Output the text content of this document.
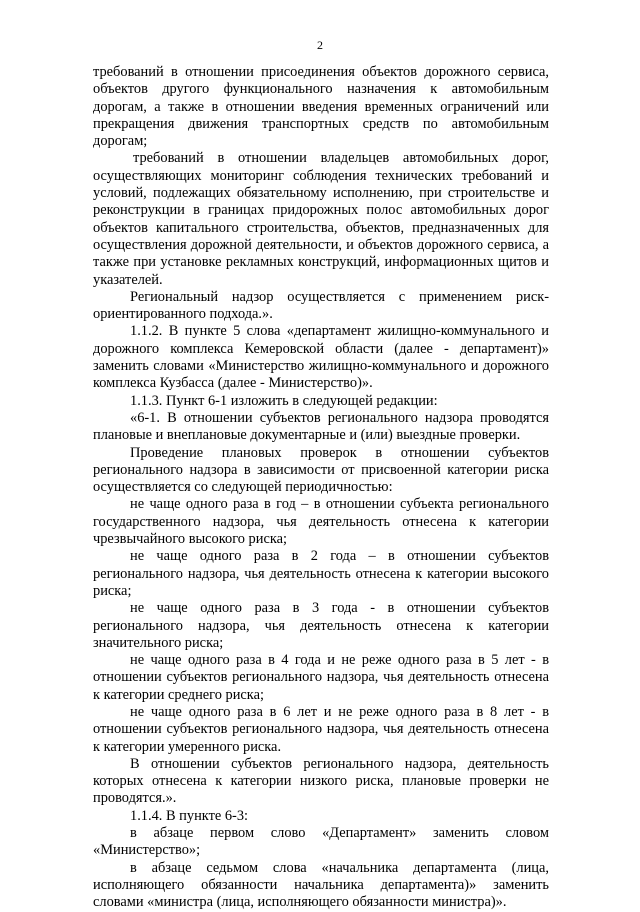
2

требований в отношении присоединения объектов дорожного сервиса, объектов другого функционального назначения к автомобильным дорогам, а также в отношении введения временных ограничений или прекращения движения транспортных средств по автомобильным дорогам;

требований в отношении владельцев автомобильных дорог, осуществляющих мониторинг соблюдения технических требований и условий, подлежащих обязательному исполнению, при строительстве и реконструкции в границах придорожных полос автомобильных дорог объектов капитального строительства, объектов, предназначенных для осуществления дорожной деятельности, и объектов дорожного сервиса, а также при установке рекламных конструкций, информационных щитов и указателей.

Региональный надзор осуществляется с применением риск-ориентированного подхода.».

1.1.2. В пункте 5 слова «департамент жилищно-коммунального и дорожного комплекса Кемеровской области (далее - департамент)» заменить словами «Министерство жилищно-коммунального и дорожного комплекса Кузбасса (далее - Министерство)».

1.1.3. Пункт 6-1 изложить в следующей редакции:

«6-1. В отношении субъектов регионального надзора проводятся плановые и внеплановые документарные и (или) выездные проверки.

Проведение плановых проверок в отношении субъектов регионального надзора в зависимости от присвоенной категории риска осуществляется со следующей периодичностью:

не чаще одного раза в год – в отношении субъекта регионального государственного надзора, чья деятельность отнесена к категории чрезвычайного высокого риска;

не чаще одного раза в 2 года – в отношении субъектов регионального надзора, чья деятельность отнесена к категории высокого риска;

не чаще одного раза в 3 года - в отношении субъектов регионального надзора, чья деятельность отнесена к категории значительного риска;

не чаще одного раза в 4 года и не реже одного раза в 5 лет - в отношении субъектов регионального надзора, чья деятельность отнесена к категории среднего риска;

не чаще одного раза в 6 лет и не реже одного раза в 8 лет - в отношении субъектов регионального надзора, чья деятельность отнесена к категории умеренного риска.

В отношении субъектов регионального надзора, деятельность которых отнесена к категории низкого риска, плановые проверки не проводятся.».

1.1.4. В пункте 6-3:

в абзаце первом слово «Департамент» заменить словом «Министерство»;

в абзаце седьмом слова «начальника департамента (лица, исполняющего обязанности начальника департамента)» заменить словами «министра (лица, исполняющего обязанности министра)».
